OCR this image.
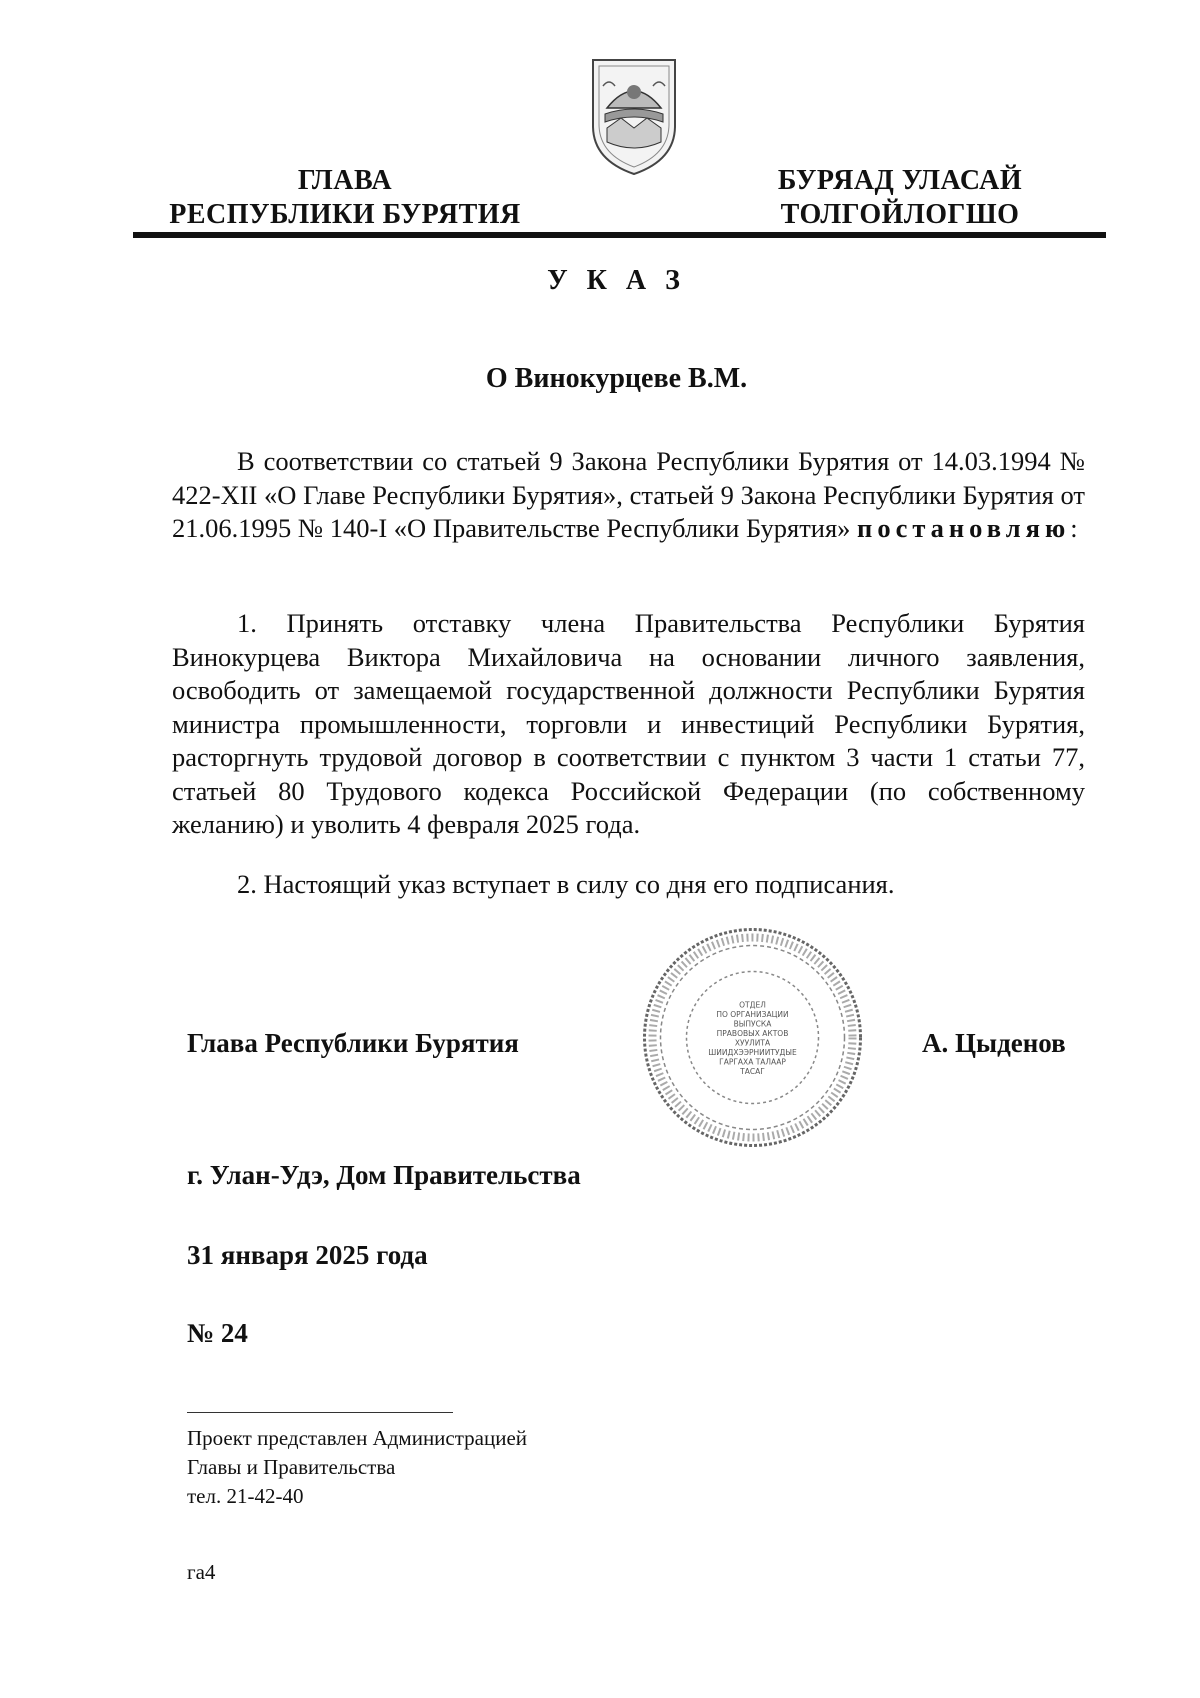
ГЛАВА
РЕСПУБЛИКИ БУРЯТИЯ
БУРЯАД УЛАСАЙ
ТОЛГОЙЛОГШО
У К А З
О Винокурцеве В.М.
В соответствии со статьей 9 Закона Республики Бурятия от 14.03.1994 № 422-XII «О Главе Республики Бурятия», статьей 9 Закона Республики Бурятия от 21.06.1995 № 140-I «О Правительстве Республики Бурятия» постановляю:
1. Принять отставку члена Правительства Республики Бурятия Винокурцева Виктора Михайловича на основании личного заявления, освободить от замещаемой государственной должности Республики Бурятия министра промышленности, торговли и инвестиций Республики Бурятия, расторгнуть трудовой договор в соответствии с пунктом 3 части 1 статьи 77, статьей 80 Трудового кодекса Российской Федерации (по собственному желанию) и уволить 4 февраля 2025 года.
2. Настоящий указ вступает в силу со дня его подписания.
ОТДЕЛ
ПО ОРГАНИЗАЦИИ
ВЫПУСКА
ПРАВОВЫХ АКТОВ
ХУУЛИТА
ШИИДХЭЭРНИИТУДЫЕ
ГАРГАХА ТАЛААР
ТАСАГ
Глава Республики Бурятия	А. Цыденов
г. Улан-Удэ, Дом Правительства
31 января 2025 года
№ 24
Проект представлен Администрацией
Главы и Правительства
тел. 21-42-40
га4
